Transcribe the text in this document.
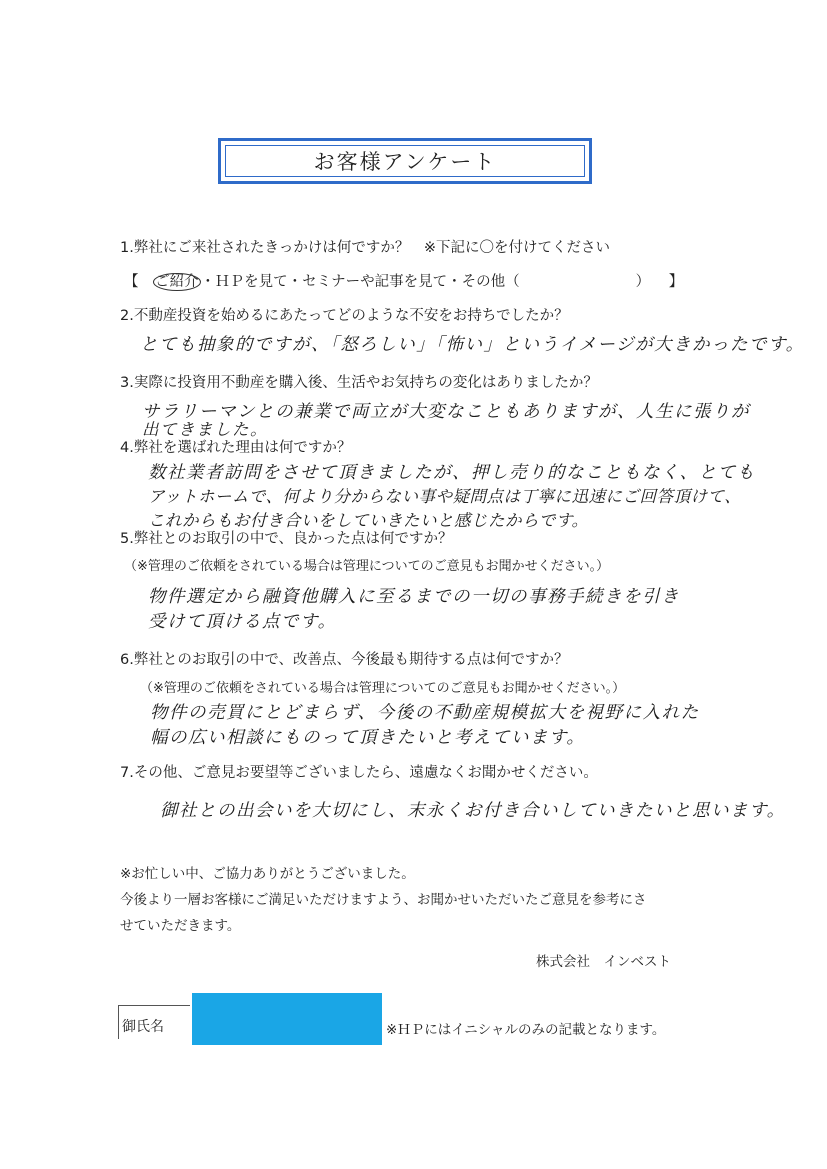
お客様アンケート
1.弊社にご来社されたきっかけは何ですか？　※下記に〇を付けてください
【 ご紹介 ・ＨＰを見て・セミナーや記事を見て・その他（　　　　　　　　） 】
2.不動産投資を始めるにあたってどのような不安をお持ちでしたか？
とても抽象的ですが、「怒ろしい」「怖い」というイメージが大きかったです。
3.実際に投資用不動産を購入後、生活やお気持ちの変化はありましたか？
サラリーマンとの兼業で両立が大変なこともありますが、人生に張りが
出てきました。
4.弊社を選ばれた理由は何ですか？
数社業者訪問をさせて頂きましたが、押し売り的なこともなく、とても
アットホームで、何より分からない事や疑問点は丁寧に迅速にご回答頂けて、
これからもお付き合いをしていきたいと感じたからです。
5.弊社とのお取引の中で、良かった点は何ですか？
（※管理のご依頼をされている場合は管理についてのご意見もお聞かせください。）
物件選定から融資他購入に至るまでの一切の事務手続きを引き
受けて頂ける点です。
6.弊社とのお取引の中で、改善点、今後最も期待する点は何ですか？
（※管理のご依頼をされている場合は管理についてのご意見もお聞かせください。）
物件の売買にとどまらず、今後の不動産規模拡大を視野に入れた
幅の広い相談にものって頂きたいと考えています。
7.その他、ご意見お要望等ございましたら、遠慮なくお聞かせください。
御社との出会いを大切にし、末永くお付き合いしていきたいと思います。
※お忙しい中、ご協力ありがとうございました。
今後より一層お客様にご満足いただけますよう、お聞かせいただいたご意見を参考にさ
せていただきます。
株式会社　インベスト
御氏名	※ＨＰにはイニシャルのみの記載となります。
